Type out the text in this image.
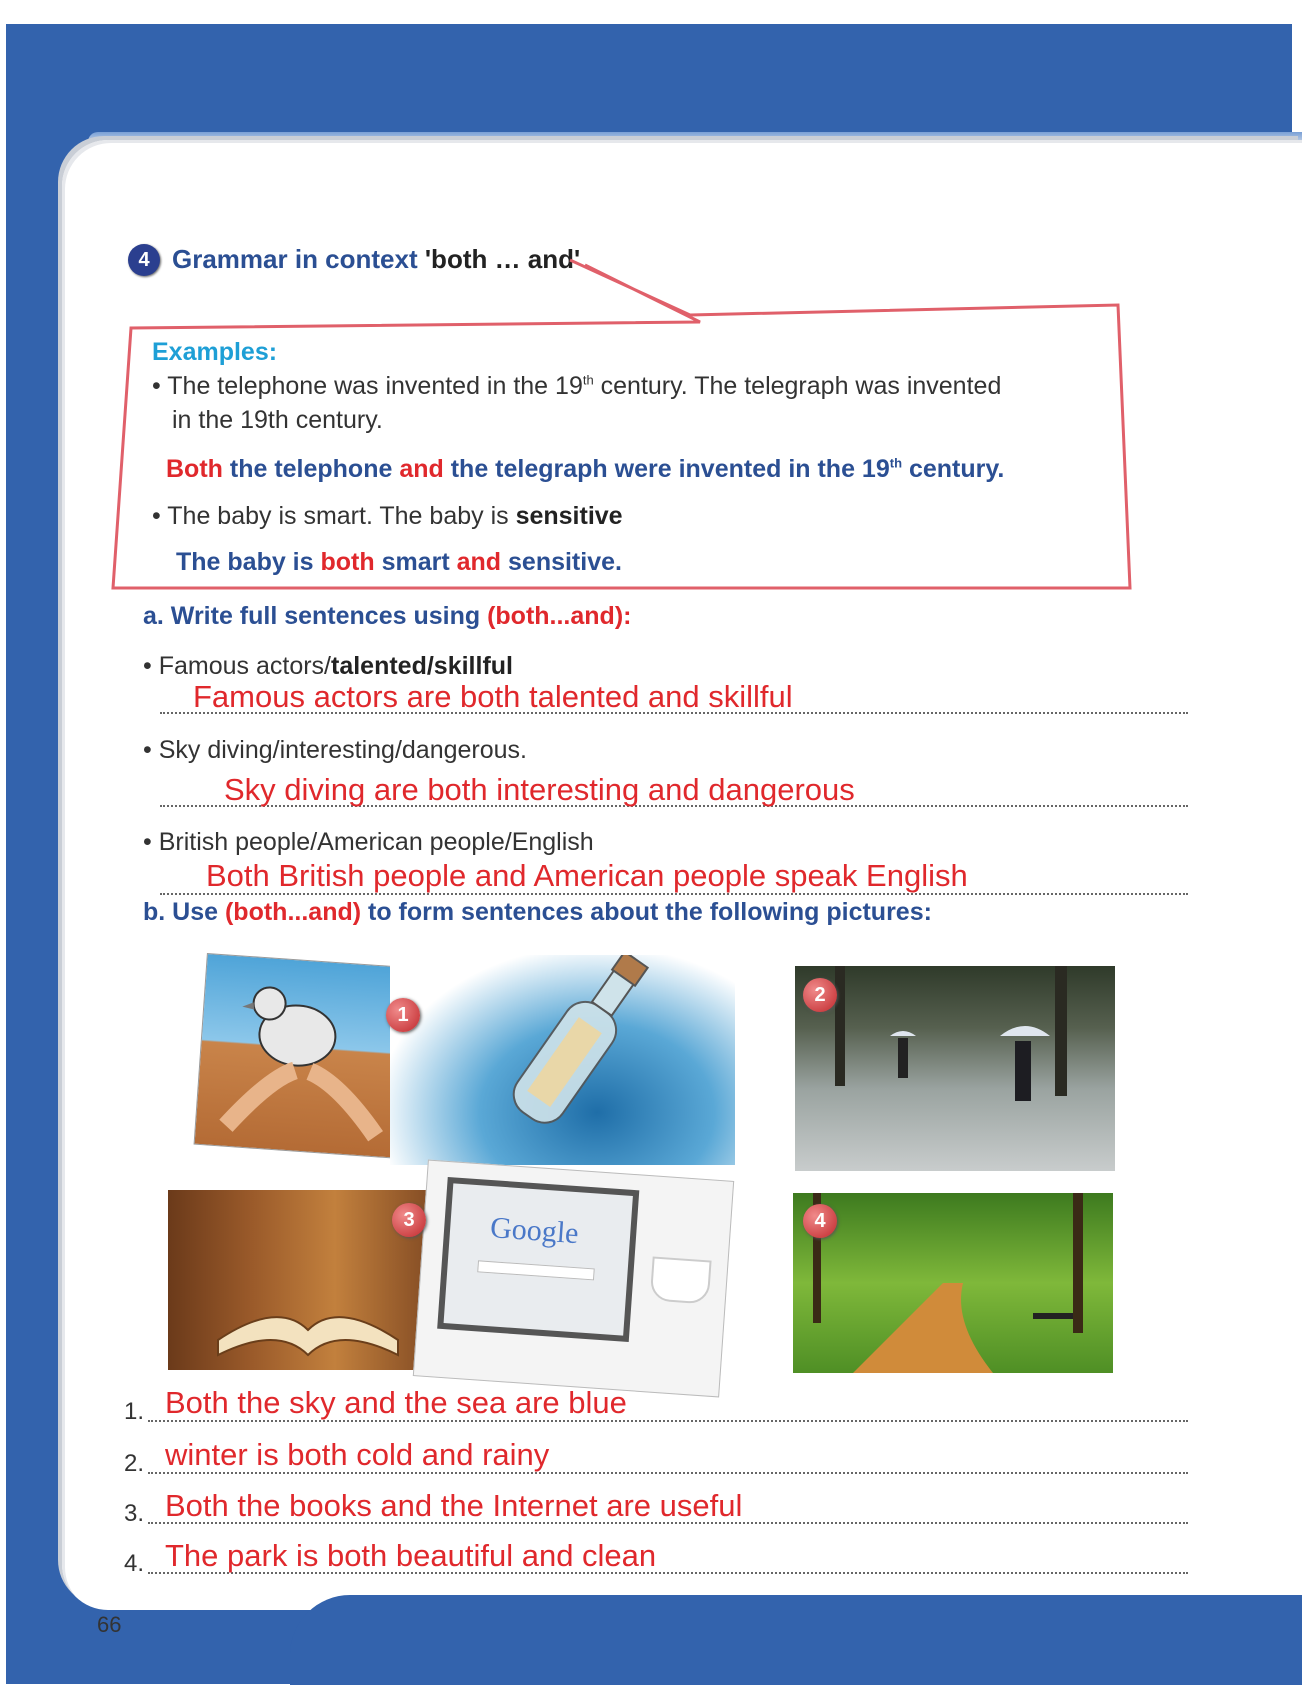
4 Grammar in context 'both … and'
Examples:
• The telephone was invented in the 19th century. The telegraph was invented
in the 19th century.
Both the telephone and the telegraph were invented in the 19th century.
• The baby is smart. The baby is sensitive
The baby is both smart and sensitive.
a. Write full sentences using (both...and):
• Famous actors/talented/skillful
Famous actors are both talented and skillful
• Sky diving/interesting/dangerous.
Sky diving are both interesting and dangerous
• British people/American people/English
Both British people and American people speak English
b. Use (both...and) to form sentences about the following pictures:
1
2
Google
3	4
1. Both the sky and the sea are blue
2. winter is both cold and rainy
3. Both the books and the Internet are useful
4. The park is both beautiful and clean
66
